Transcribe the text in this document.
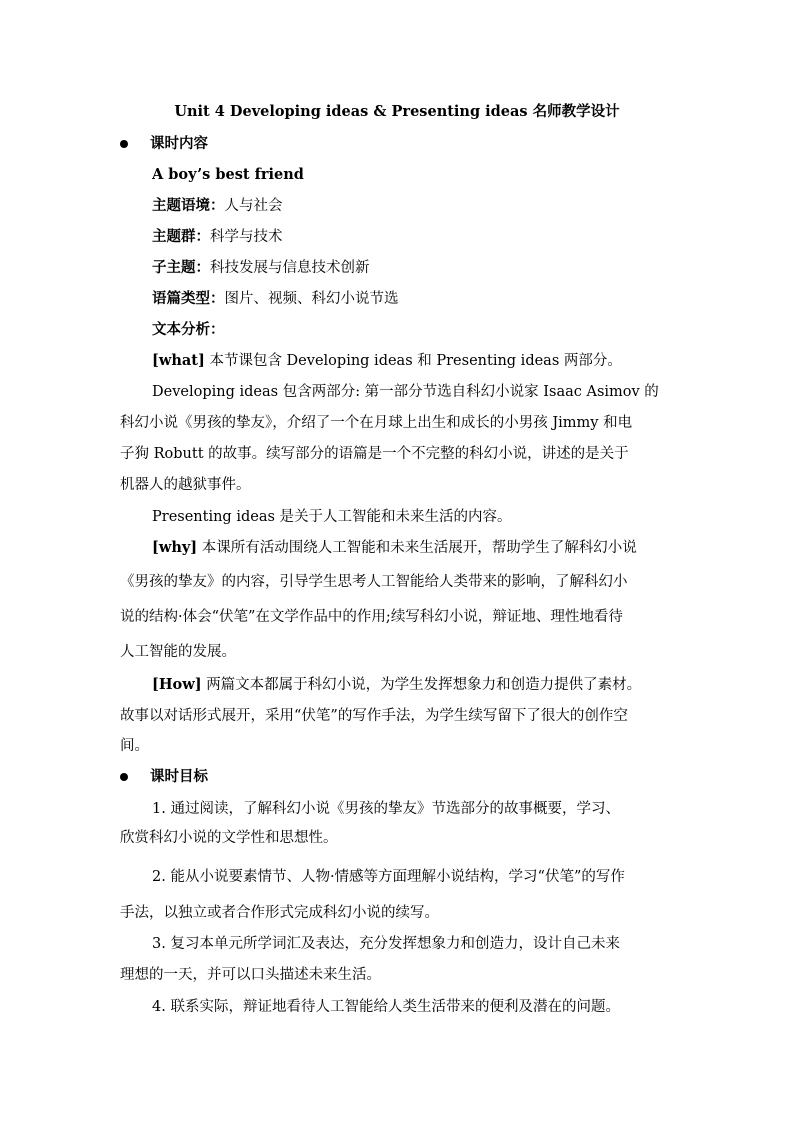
Unit 4 Developing ideas & Presenting ideas 名师教学设计
课时内容
A boy’s best friend
主题语境：人与社会
主题群：科学与技术
子主题：科技发展与信息技术创新
语篇类型：图片、视频、科幻小说节选
文本分析：
[what] 本节课包含 Developing ideas 和 Presenting ideas 两部分。
Developing ideas 包含两部分: 第一部分节选自科幻小说家 Isaac Asimov 的
科幻小说《男孩的挚友》，介绍了一个在月球上出生和成长的小男孩 Jimmy 和电
子狗 Robutt 的故事。续写部分的语篇是一个不完整的科幻小说，讲述的是关于
机器人的越狱事件。
Presenting ideas 是关于人工智能和未来生活的内容。
[why] 本课所有活动围绕人工智能和未来生活展开，帮助学生了解科幻小说
《男孩的挚友》的内容，引导学生思考人工智能给人类带来的影响，了解科幻小
说的结构·体会“伏笔”在文学作品中的作用;续写科幻小说，辩证地、理性地看待
人工智能的发展。
[How] 两篇文本都属于科幻小说，为学生发挥想象力和创造力提供了素材。
故事以对话形式展开，采用“伏笔”的写作手法，为学生续写留下了很大的创作空
间。
课时目标
1. 通过阅读，了解科幻小说《男孩的挚友》节选部分的故事概要，学习、
欣赏科幻小说的文学性和思想性。
2. 能从小说要素情节、人物·情感等方面理解小说结构，学习“伏笔”的写作
手法，以独立或者合作形式完成科幻小说的续写。
3. 复习本单元所学词汇及表达，充分发挥想象力和创造力，设计自己未来
理想的一天，并可以口头描述未来生活。
4. 联系实际，辩证地看待人工智能给人类生活带来的便利及潜在的问题。
